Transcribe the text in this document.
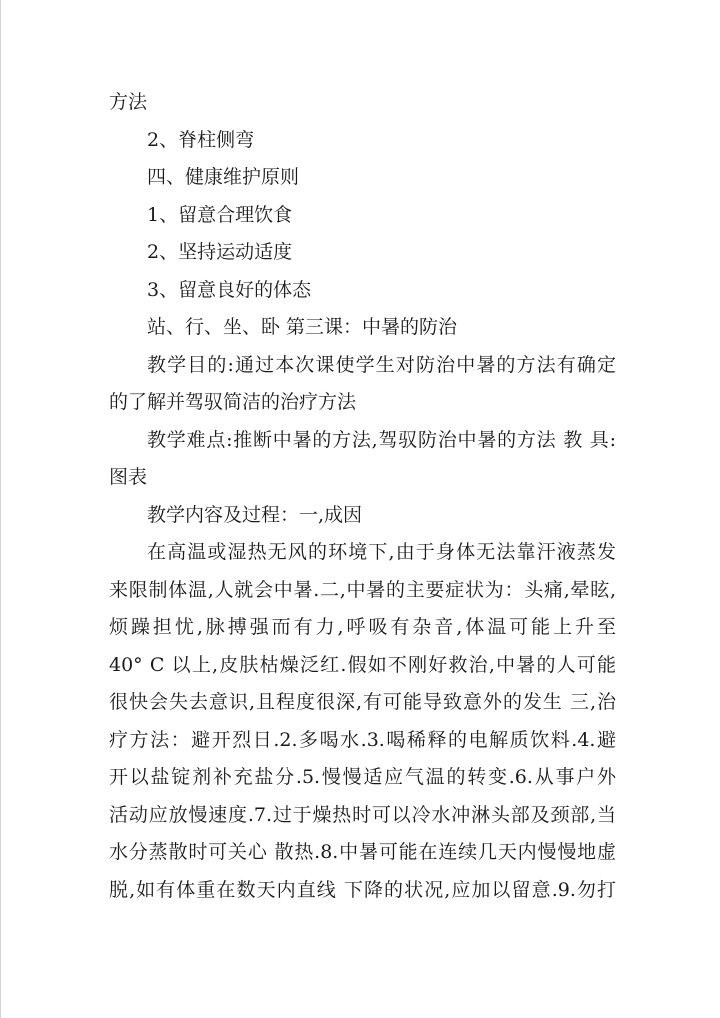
方法

2、脊柱侧弯

四、健康维护原则

1、留意合理饮食

2、坚持运动适度

3、留意良好的体态

站、行、坐、卧 第三课：中暑的防治

教学目的:通过本次课使学生对防治中暑的方法有确定

的了解并驾驭简洁的治疗方法

教学难点:推断中暑的方法,驾驭防治中暑的方法 教 具:

图表

教学内容及过程：一,成因

在高温或湿热无风的环境下,由于身体无法靠汗液蒸发

来限制体温,人就会中暑.二,中暑的主要症状为：头痛,晕眩,

烦躁担忧,脉搏强而有力,呼吸有杂音,体温可能上升至

40° C 以上,皮肤枯燥泛红.假如不刚好救治,中暑的人可能

很快会失去意识,且程度很深,有可能导致意外的发生 三,治

疗方法：避开烈日.2.多喝水.3.喝稀释的电解质饮料.4.避

开以盐锭剂补充盐分.5.慢慢适应气温的转变.6.从事户外

活动应放慢速度.7.过于燥热时可以冷水冲淋头部及颈部,当

水分蒸散时可关心 散热.8.中暑可能在连续几天内慢慢地虚

脱,如有体重在数天内直线 下降的状况,应加以留意.9.勿打
